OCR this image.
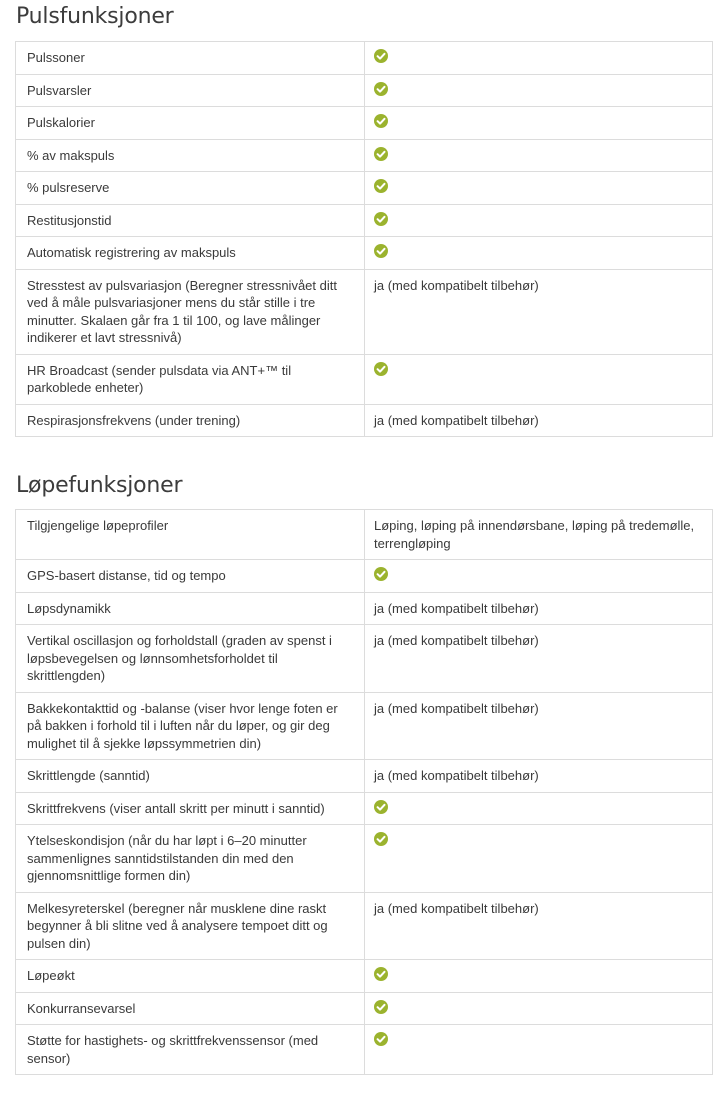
Pulsfunksjoner
Pulssoner	
Pulsvarsler	
Pulskalorier	
% av makspuls	
% pulsreserve	
Restitusjonstid	
Automatisk registrering av makspuls	
Stresstest av pulsvariasjon (Beregner stressnivået ditt ved å måle pulsvariasjoner mens du står stille i tre minutter. Skalaen går fra 1 til 100, og lave målinger indikerer et lavt stressnivå)	ja (med kompatibelt tilbehør)
HR Broadcast (sender pulsdata via ANT+™ til parkoblede enheter)	
Respirasjonsfrekvens (under trening)	ja (med kompatibelt tilbehør)
Løpefunksjoner
Tilgjengelige løpeprofiler	Løping, løping på innendørsbane, løping på tredemølle, terrengløping
GPS-basert distanse, tid og tempo	
Løpsdynamikk	ja (med kompatibelt tilbehør)
Vertikal oscillasjon og forholdstall (graden av spenst i løpsbevegelsen og lønnsomhetsforholdet til skrittlengden)	ja (med kompatibelt tilbehør)
Bakkekontakttid og -balanse (viser hvor lenge foten er på bakken i forhold til i luften når du løper, og gir deg mulighet til å sjekke løpssymmetrien din)	ja (med kompatibelt tilbehør)
Skrittlengde (sanntid)	ja (med kompatibelt tilbehør)
Skrittfrekvens (viser antall skritt per minutt i sanntid)	
Ytelseskondisjon (når du har løpt i 6–20 minutter sammenlignes sanntidstilstanden din med den gjennomsnittlige formen din)	
Melkesyreterskel (beregner når musklene dine raskt begynner å bli slitne ved å analysere tempoet ditt og pulsen din)	ja (med kompatibelt tilbehør)
Løpeøkt	
Konkurransevarsel	
Støtte for hastighets- og skrittfrekvenssensor (med sensor)	
